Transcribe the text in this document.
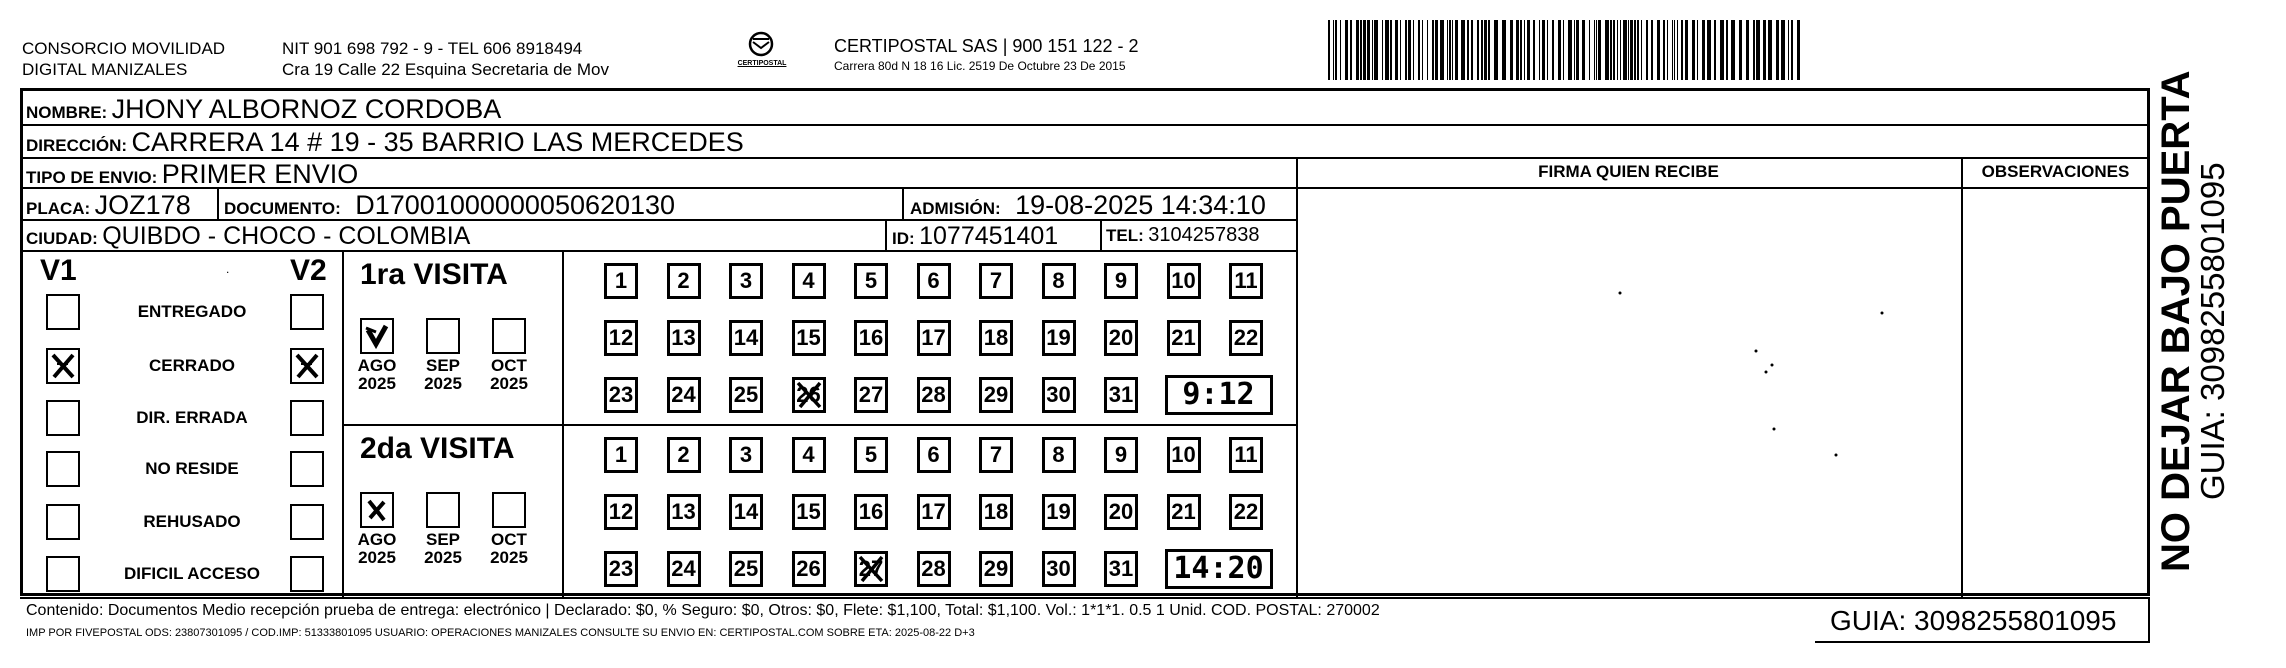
CONSORCIO MOVILIDAD
DIGITAL MANIZALES
NIT 901 698 792 - 9 - TEL 606 8918494
Cra 19 Calle 22 Esquina Secretaria de Mov	CERTIPOSTAL
CERTIPOSTAL SAS | 900 151 122 - 2
Carrera 80d N 18 16 Lic. 2519 De Octubre 23 De 2015
NOMBRE: JHONY ALBORNOZ CORDOBA
DIRECCIÓN: CARRERA 14 # 19 - 35 BARRIO LAS MERCEDES
TIPO DE ENVIO: PRIMER ENVIO
PLACA: JOZ178 DOCUMENTO: D17001000000050620130	ADMISIÓN: 19-08-2025 14:34:10
CIUDAD: QUIBDO - CHOCO - COLOMBIA	ID: 1077451401	TEL: 3104257838
FIRMA QUIEN RECIBE	OBSERVACIONES
V1	V2
.
ENTREGADO
CERRADO
DIR. ERRADA
NO RESIDE
REHUSADO
DIFICIL ACCESO
1ra VISITA
AGO
2025
SEP
2025
OCT
2025
1	2	3	4	5	6	7	8	9	10 11
12 13 14 15 16 17 18 19 20 21 22
23 24 25 26 27 28 29 30 31	9:12
2da VISITA
AGO
2025
SEP
2025
OCT
2025
1	2	3	4	5	6	7	8	9	10 11
12 13 14 15 16 17 18 19 20 21 22
23 24 25 26 27 28 29 30 31 14:20	NO DEJAR BAJO PUERTA
GUIA: 3098255801095
Contenido: Documentos Medio recepción prueba de entrega: electrónico | Declarado: $0, % Seguro: $0, Otros: $0, Flete: $1,100, Total: $1,100. Vol.: 1*1*1. 0.5 1 Unid. COD. POSTAL: 270002
IMP POR FIVEPOSTAL ODS: 23807301095 / COD.IMP: 51333801095 USUARIO: OPERACIONES MANIZALES CONSULTE SU ENVIO EN: CERTIPOSTAL.COM SOBRE ETA: 2025-08-22 D+3	GUIA: 3098255801095
